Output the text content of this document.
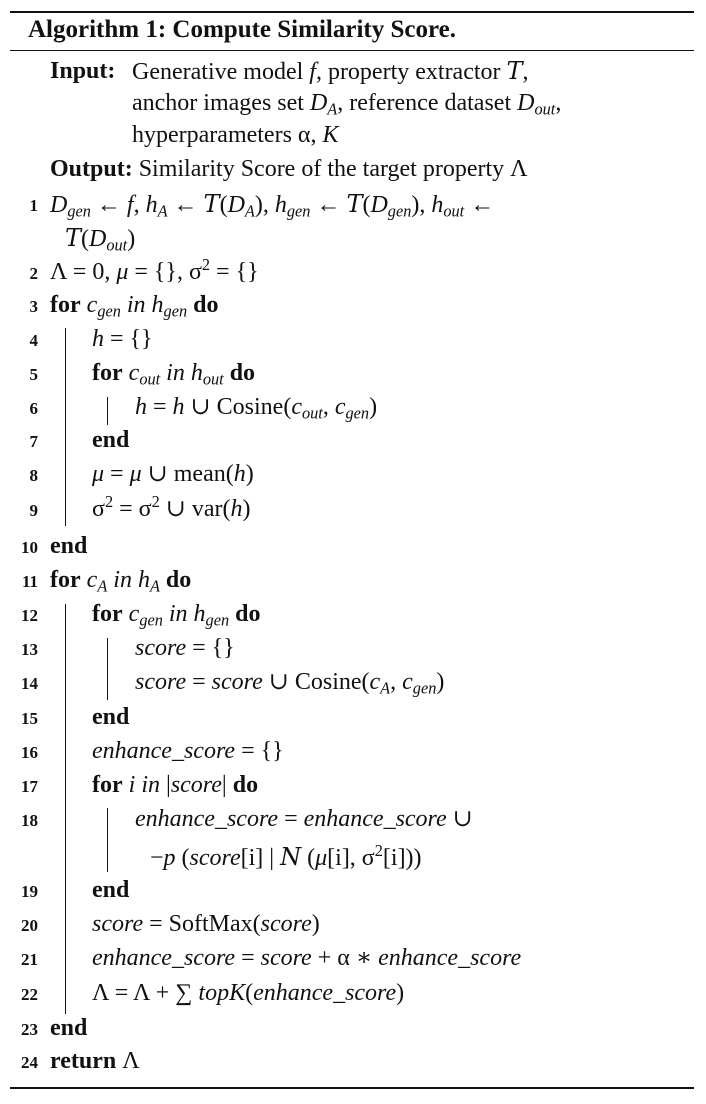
Algorithm 1: Compute Similarity Score.
Input: Generative model f, property extractor T,
anchor images set $D_A$, reference dataset $D_{out}$,
hyperparameters α, K
Output: Similarity Score of the target property Λ
1
2
3
4
5
6
7
8
9
10
11
12
13
14
15
16
17
18
19
20
21
22
23
24
$D_{gen}$ ← f, $h_A$ ← $T(D_A)$, $h_{gen}$ ← $T(D_{gen})$, $h_{out}$ ←
$T(D_{out})$
Λ = 0, μ = {}, $\sigma^2$ = {}
for $c_{gen}$ in $h_{gen}$ do
h = {}
for $c_{out}$ in $h_{out}$ do
h = h ∪ $Cosine(c_{out}$, $c_{gen}$)
end
μ = μ ∪ mean(h)
$\sigma^2 = \sigma^2$ ∪ var(h)
end
for $c_A$ in $h_A$ do
for $c_{gen}$ in $h_{gen}$ do
score = {}
score = score ∪ $Cosine(c_A$, $c_{gen}$)
end
enhance_score = {}
for i in |score| do
enhance_score = enhance_score ∪
−p (score[i] | N (μ[i], $\sigma^2[i]$))
end
score = SoftMax(score)
enhance_score = score + α ∗ enhance_score
Λ = Λ + ∑ topK(enhance_score)
end
return Λ
